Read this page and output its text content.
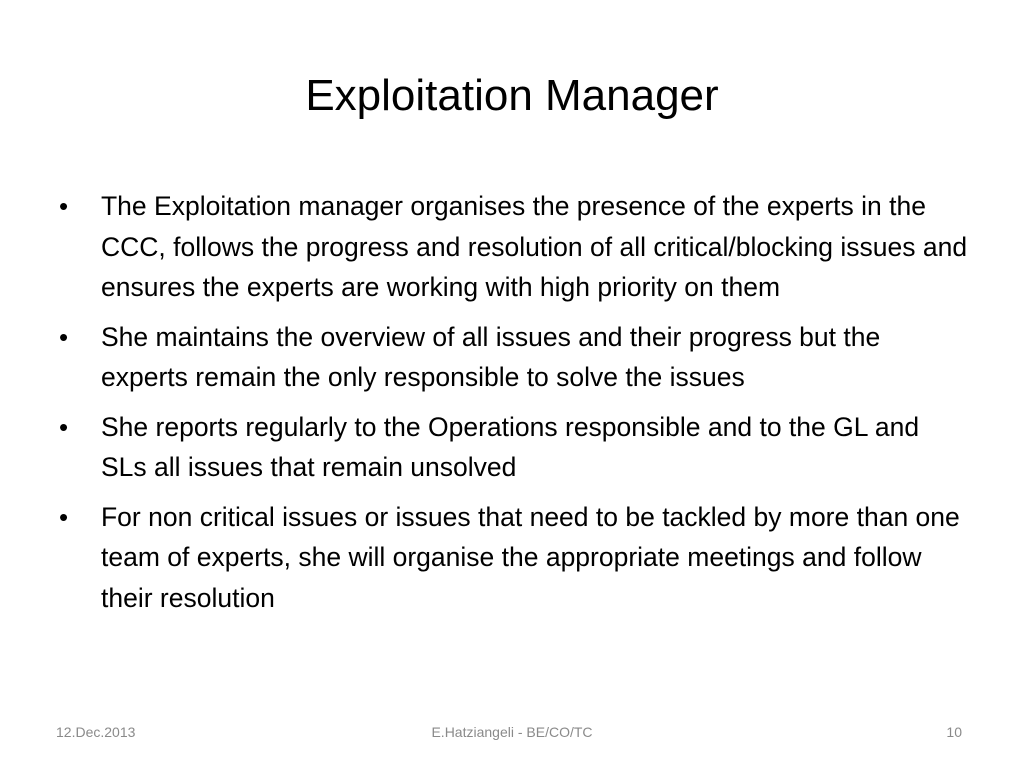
Exploitation Manager
• The Exploitation manager organises the presence of the experts in the CCC, follows the progress and resolution of all critical/blocking issues and ensures the experts are working with high priority on them
• She maintains the overview of all issues and their progress but the experts remain the only responsible to solve the issues
• She reports regularly to the Operations responsible and to the GL and SLs all issues that remain unsolved
• For non critical issues or issues that need to be tackled by more than one team of experts, she will organise the appropriate meetings and follow their resolution
12.Dec.2013	E.Hatziangeli - BE/CO/TC	10
